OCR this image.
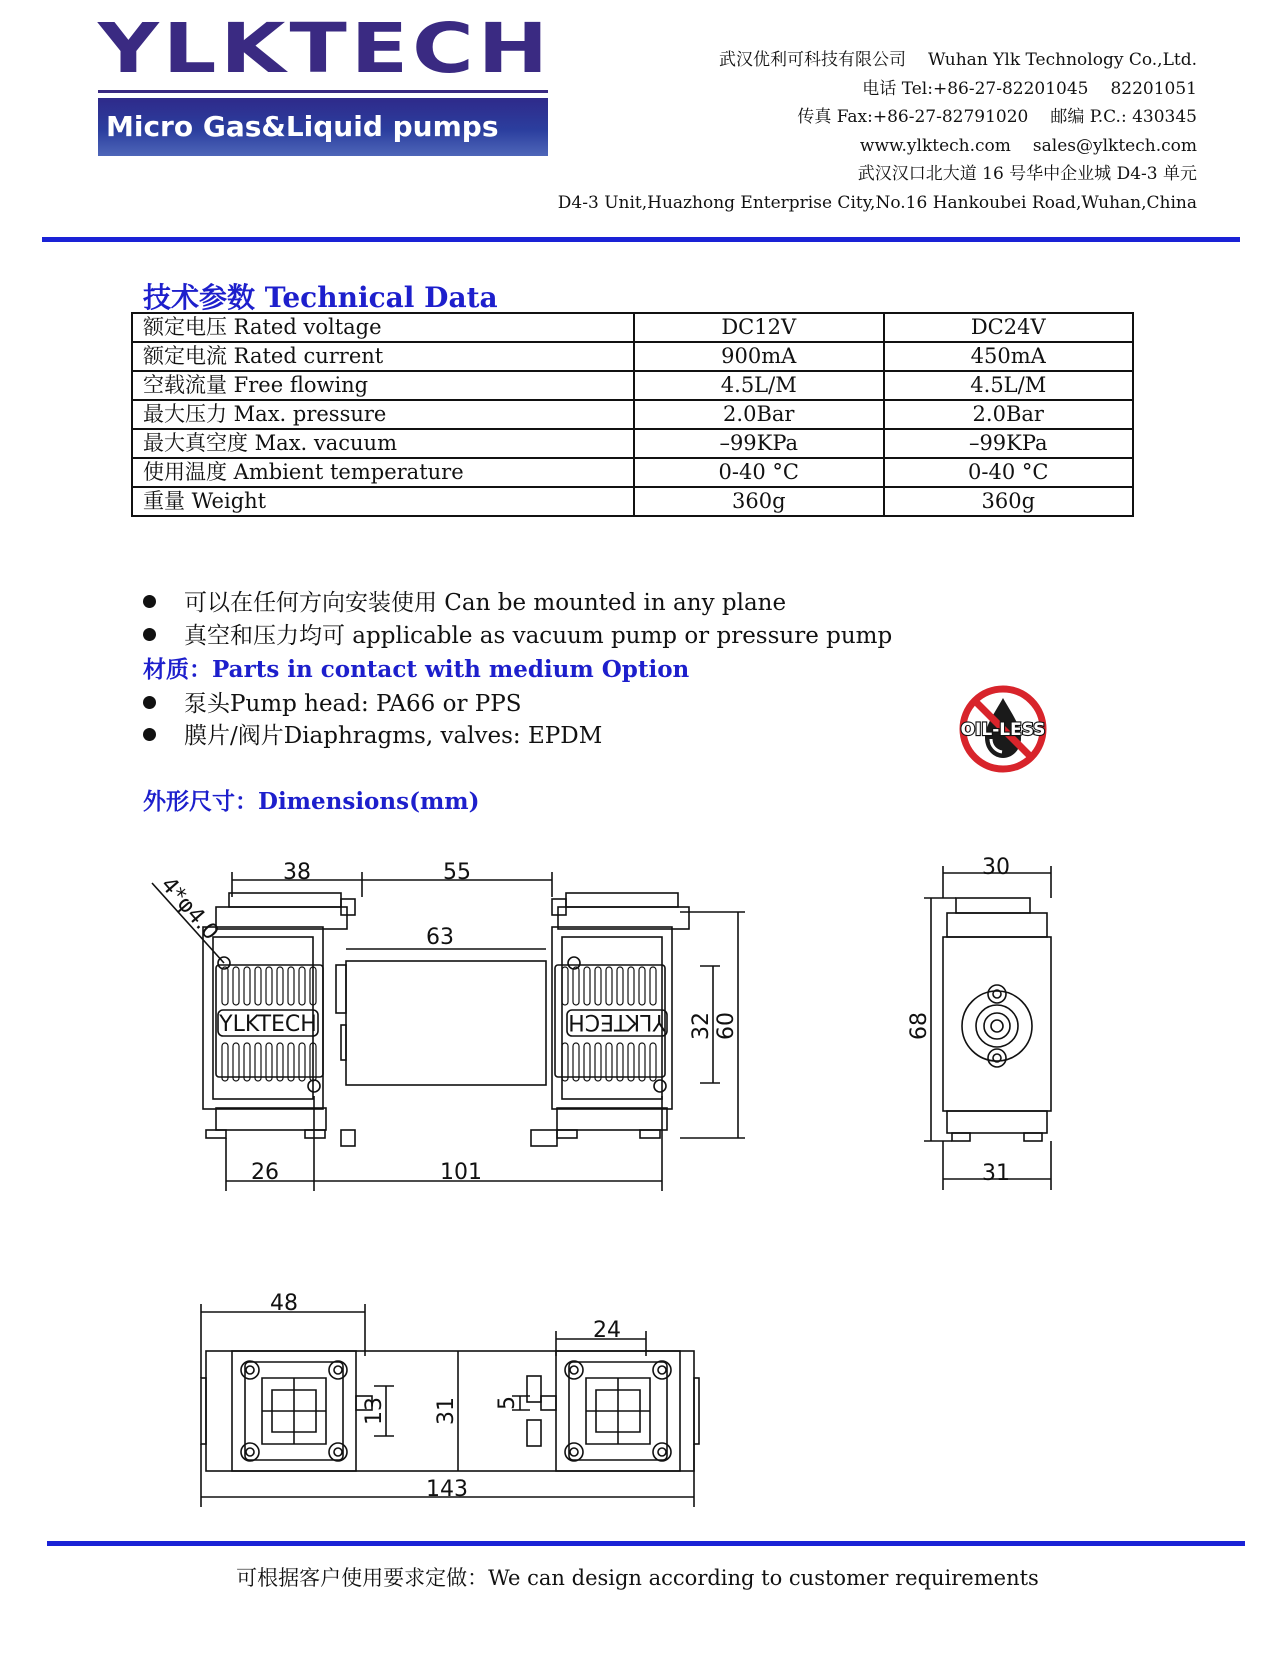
YLKTECH
Micro Gas&Liquid pumps
武汉优利可科技有限公司 Wuhan Ylk Technology Co.,Ltd.
电话 Tel:+86-27-82201045 82201051
传真 Fax:+86-27-82791020 邮编 P.C.: 430345
www.ylktech.com sales@ylktech.com
武汉汉口北大道 16 号华中企业城 D4-3 单元
D4-3 Unit,Huazhong Enterprise City,No.16 Hankoubei Road,Wuhan,China
技术参数 Technical Data
额定电压 Rated voltage	DC12V	DC24V
额定电流 Rated current	900mA	450mA
空载流量 Free flowing	4.5L/M	4.5L/M
最大压力 Max. pressure	2.0Bar	2.0Bar
最大真空度 Max. vacuum	–99KPa	–99KPa
使用温度 Ambient temperature	0-40 °C	0-40 °C
重量 Weight	360g	360g
可以在任何方向安装使用 Can be mounted in any plane
真空和压力均可 applicable as vacuum pump or pressure pump
材质：Parts in contact with medium Option
泵头Pump head: PA66 or PPS
膜片/阀片Diaphragms, valves: EPDM	OIL-LESS
外形尺寸：Dimensions(mm)
38	55
63
4*φ4.0
YLKTECH	YLKTECH 32 60
26	101
30
68
31
48
24
13 31 5
143
可根据客户使用要求定做：We can design according to customer requirements
